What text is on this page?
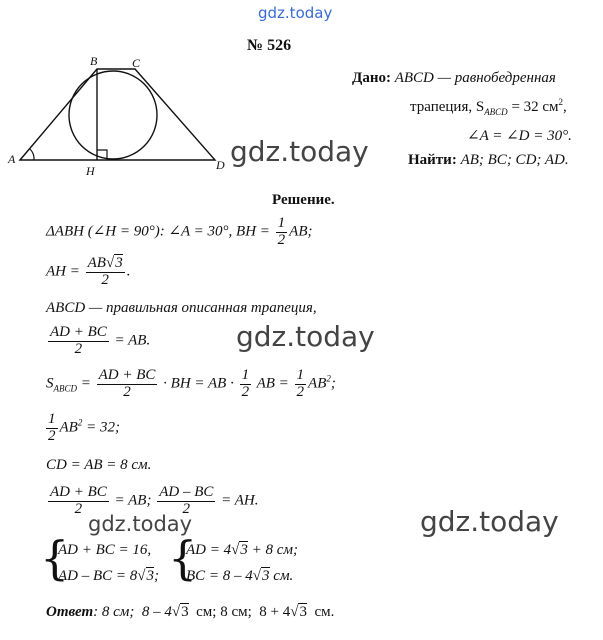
gdz.today
№ 526
A
B	C
D
H
Дано: ABCD — равнобедренная
трапеция, $S_{ABCD} = 32$ $см^2$,
∠A = ∠D = 30°.
Найти: AB; BC; CD; AD.
gdz.today
gdz.today
gdz.today	gdz.today
Решение.
ΔABH (∠H = 90°): ∠A = 30°, BH = $\frac{1}{2}$ AB;
AH = $\frac{AB√3}{2}$ .
ABCD — правильная описанная трапеция,
$\frac{AD + BC}{2}$ = AB.
$S_{ABCD} = \frac{AD + BC}{2}$ · BH = AB · $\frac{1}{2}$ AB = $\frac{1}{2} AB^2$;
$\frac{1}{2} AB^2 = 32$;
CD = AB = 8 см.
$\frac{AD + BC}{2}$ = AB; $\frac{AD - BC}{2}$ = AH.
{
AD + BC = 16,
AD – BC = 8√3; {
AD = 4√3 + 8 см;
BC = 8 – 4√3 см.
Ответ: 8 см;  8 – 4√3  см; 8 см;  8 + 4√3  см.
